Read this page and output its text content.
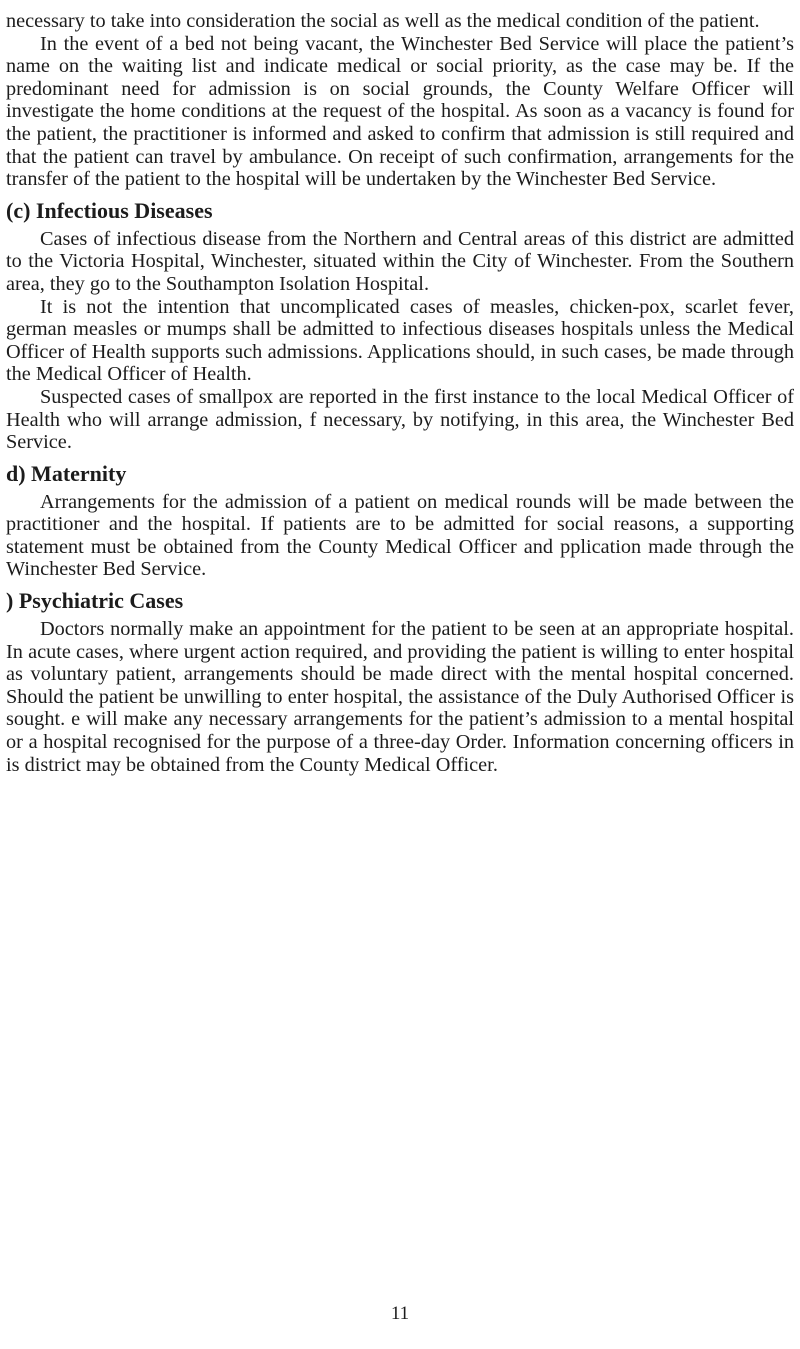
necessary to take into consideration the social as well as the medical condition of the patient.

In the event of a bed not being vacant, the Winchester Bed Service will place the patient’s name on the waiting list and indicate medical or social priority, as the case may be. If the predominant need for admission is on social grounds, the County Welfare Officer will investigate the home conditions at the request of the hospital. As soon as a vacancy is found for the patient, the practitioner is informed and asked to confirm that admission is still required and that the patient can travel by ambulance. On receipt of such confirmation, arrangements for the transfer of the patient to the hospital will be undertaken by the Winchester Bed Service.

(c) Infectious Diseases

Cases of infectious disease from the Northern and Central areas of this district are admitted to the Victoria Hospital, Winchester, situated within the City of Winchester. From the Southern area, they go to the Southampton Isolation Hospital.

It is not the intention that uncomplicated cases of measles, chicken-pox, scarlet fever, german measles or mumps shall be admitted to infectious diseases hospitals unless the Medical Officer of Health supports such admissions. Applications should, in such cases, be made through the Medical Officer of Health.

Suspected cases of smallpox are reported in the first instance to the local Medical Officer of Health who will arrange admission, f necessary, by notifying, in this area, the Winchester Bed Service.

d) Maternity

Arrangements for the admission of a patient on medical rounds will be made between the practitioner and the hospital. If patients are to be admitted for social reasons, a supporting statement must be obtained from the County Medical Officer and pplication made through the Winchester Bed Service.

) Psychiatric Cases

Doctors normally make an appointment for the patient to be seen at an appropriate hospital. In acute cases, where urgent action required, and providing the patient is willing to enter hospital as voluntary patient, arrangements should be made direct with the mental hospital concerned. Should the patient be unwilling to enter hospital, the assistance of the Duly Authorised Officer is sought. e will make any necessary arrangements for the patient’s admission to a mental hospital or a hospital recognised for the purpose of a three-day Order. Information concerning officers in is district may be obtained from the County Medical Officer.

11
